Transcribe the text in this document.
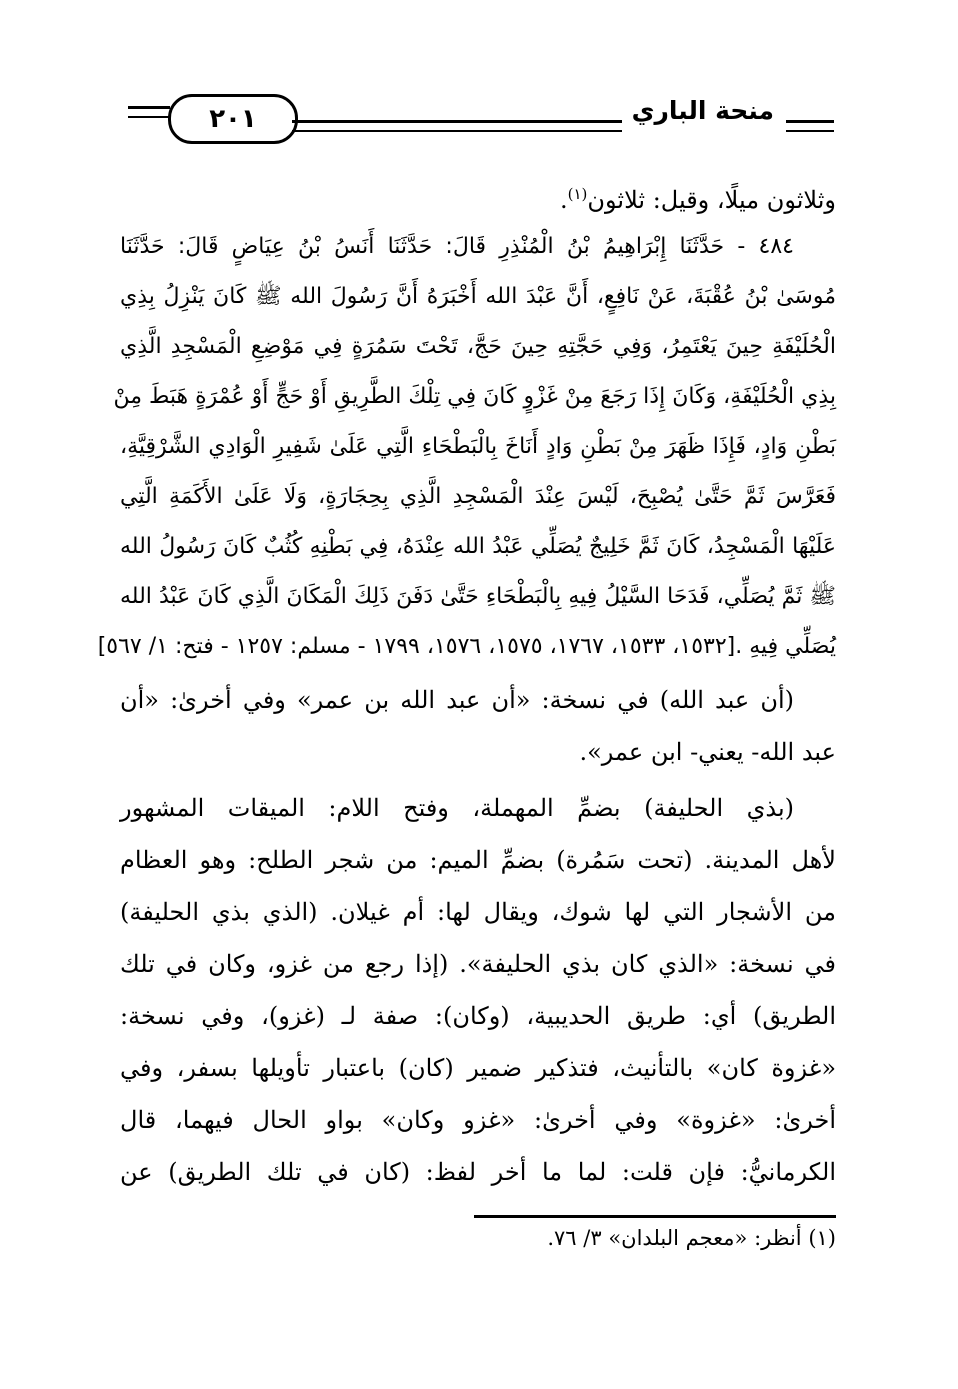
٢٠١	منحة الباري
وثلاثون ميلًا، وقيل: ثلاثون$^{(١)}$.
٤٨٤ - حَدَّثَنَا إِبْرَاهِيمُ بْنُ الْمُنْذِرِ قَالَ: حَدَّثَنَا أَنَسُ بْنُ عِيَاضٍ قَالَ: حَدَّثَنَا
مُوسَىٰ بْنُ عُقْبَةَ، عَنْ نَافِعٍ، أَنَّ عَبْدَ الله أَخْبَرَهُ أَنَّ رَسُولَ الله ﷺ كَانَ يَنْزِلُ بِذِي
الْحُلَيْفَةِ حِينَ يَعْتَمِرُ، وَفِي حَجَّتِهِ حِينَ حَجَّ، تَحْتَ سَمُرَةٍ فِي مَوْضِعِ الْمَسْجِدِ الَّذِي
بِذِي الْحُلَيْفَةِ، وَكَانَ إِذَا رَجَعَ مِنْ غَزْوٍ كَانَ فِي تِلْكَ الطَّرِيقِ أَوْ حَجٍّ أَوْ عُمْرَةٍ هَبَطَ مِنْ
بَطْنِ وَادٍ، فَإِذَا ظَهَرَ مِنْ بَطْنِ وَادٍ أَنَاخَ بِالْبَطْحَاءِ الَّتِي عَلَىٰ شَفِيرِ الْوَادِي الشَّرْقِيَّةِ،
فَعَرَّسَ ثَمَّ حَتَّىٰ يُصْبِحَ، لَيْسَ عِنْدَ الْمَسْجِدِ الَّذِي بِحِجَارَةٍ، وَلَا عَلَىٰ الأَكَمَةِ الَّتِي
عَلَيْهَا الْمَسْجِدُ، كَانَ ثَمَّ خَلِيجٌ يُصَلِّي عَبْدُ الله عِنْدَهُ، فِي بَطْنِهِ كُثُبٌ كَانَ رَسُولُ الله
ﷺ ثَمَّ يُصَلِّي، فَدَحَا السَّيْلُ فِيهِ بِالْبَطْحَاءِ حَتَّىٰ دَفَنَ ذَلِكَ الْمَكَانَ الَّذِي كَانَ عَبْدُ الله
يُصَلِّي فِيهِ .[١٥٣٢، ١٥٣٣، ١٧٦٧، ١٥٧٥، ١٥٧٦، ١٧٩٩ - مسلم: ١٢٥٧ - فتح: ١/ ٥٦٧]
(أن عبد الله) في نسخة: «أن عبد الله بن عمر» وفي أخرىٰ: «أن
عبد الله- يعني- ابن عمر».
(بذي الحليفة) بضمِّ المهملة، وفتح اللام: الميقات المشهور
لأهل المدينة. (تحت سَمُرة) بضمِّ الميم: من شجر الطلح: وهو العظام
من الأشجار التي لها شوك، ويقال لها: أم غيلان. (الذي بذي الحليفة)
في نسخة: «الذي كان بذي الحليفة». (إذا رجع من غزو، وكان في تلك
الطريق) أي: طريق الحديبية، (وكان): صفة لـ (غزو)، وفي نسخة:
«غزوة كان» بالتأنيث، فتذكير ضمير (كان) باعتبار تأويلها بسفر، وفي
أخرىٰ: «غزوة» وفي أخرىٰ: «غزو وكان» بواو الحال فيهما، قال
الكرمانيُّ: فإن قلت: لما ما أخر لفظ: (كان في تلك الطريق) عن
(١) أنظر: «معجم البلدان» ٣/ ٧٦.
